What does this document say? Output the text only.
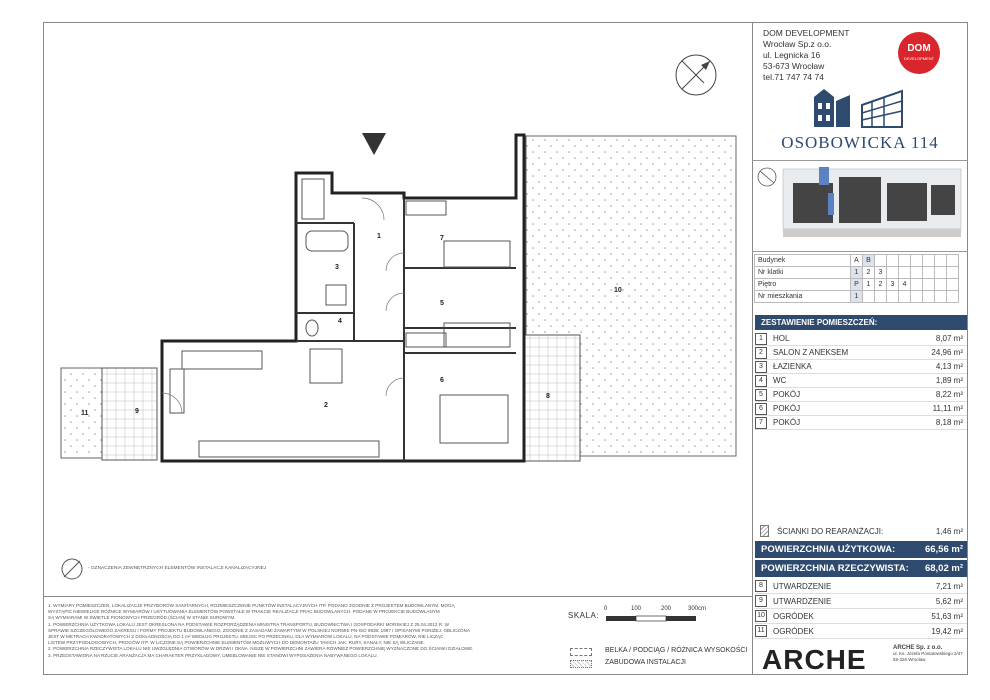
1
2
3
4
5
6
7
8
9
10
11
- OZNACZENIA ZEWNĘTRZNYCH ELEMENTÓW INSTALACJI KANALIZACYJNEJ
DOM DEVELOPMENT
Wrocław Sp.z o.o.
ul. Legnicka 16
53-673 Wrocław
tel.71 747 74 74
DOM
DEVELOPMENT
OSOBOWICKA 114
Budynek	A	B							
Nr klatki	1	2	3						
Piętro	P	1	2	3	4				
Nr mieszkania	1								
ZESTAWIENIE POMIESZCZEŃ:
1	HOL	8,07 m²
2	SALON Z ANEKSEM	24,96 m²
3	ŁAZIENKA	4,13 m²
4	WC	1,89 m²
5	POKÓJ	8,22 m²
6	POKÓJ	11,11 m²
7	POKÓJ	8,18 m²
ŚCIANKI DO REARANŻACJI:	1,46 m²
POWIERZCHNIA UŻYTKOWA:	66,56 m²
POWIERZCHNIA RZECZYWISTA:	68,02 m²
8	UTWARDZENIE	7,21 m²
9	UTWARDZENIE	5,62 m²
10 OGRÓDEK	51,63 m²
11 OGRÓDEK	19,42 m²
1. WYMIARY POMIESZCZEŃ, LOKALIZACJE PRZYBORÓW SANITARNYCH, ROZMIESZCZENIE PUNKTÓW INSTALACYJNYCH ITP. PODANO ZGODNIE Z PROJEKTEM BUDOWLANYM. MOGĄ
WYSTĄPIĆ NIEWIELKIE RÓŻNICE WYMIARÓW I USYTUOWANIA ELEMENTÓW POWSTAŁE W TRAKCIE REALIZACJI PRAC BUDOWLANYCH. PODANE W PROJEKCIE BUDOWLANYM
SĄ WYMIARAMI W ŚWIETLE PIONOWYCH PRZEGRÓD (ŚCIAN) W STANIE SUROWYM.
1. POWIERZCHNIA UŻYTKOWA LOKALU JEST OKREŚLONA NA PODSTAWIE ROZPORZĄDZENIA MINISTRA TRANSPORTU, BUDOWNICTWA I GOSPODARKI MORSKIEJ Z 25.04.2012 R. W
SPRAWIE SZCZEGÓŁOWEGO ZAKRESU I FORMY PROJEKTU BUDOWLANEGO, ZGODNIE Z ZASADAMI ZAWARTYMI W POLSKIEJ NORMIE PN-ISO 9836: 1997 I OPISANYMI PONIŻEJ. OBLICZONA
JEST W METRACH KWADRATOWYCH Z DOKŁADNOŚCIĄ DO 1 m² WEDŁUG PROJEKTU. MIEJSC PO PRZECINKU, DLA WYMIARÓW LOKALU, NA PODSTAWIE POMIARÓW, NIE LICZĄC
LISTEW PRZYPODŁOGOWYCH, PROGÓW ITP. W LICZONE SĄ POWIERZCHNIE ELEMENTÓW MOŻLIWYCH DO DEMONTAŻU TAKICH JAK: RURY, KANAŁY, NIE SĄ WLICZANE.
2. POWIERZCHNIA RZECZYWISTA LOKALU NIE UWZGLĘDNIA OTWORÓW W DRZWI I OKNA. NISZE W POWIERZCHNI ZAWIERA RÓWNIEŻ POWIERZCHNIĘ WYZNACZONE DO ŚCIANKI DZIAŁOWE.
3. PRZEDSTAWIONA NA RZUCIE ARANŻACJA MA CHARAKTER PRZYKŁADOWY, UMEBLOWANIE NIE STANOWI WYPOSAŻENIA NABYWANEGO LOKALU.
SKALA:
0	100	200	300cm
BELKA / PODCIĄG / RÓŻNICA WYSOKOŚCI
ZABUDOWA INSTALACJI	ARCHE	ARCHE Sp. z o.o.
ul. Ks. Józefa Poniatowskiego 2/47
59-326 Wrocław
